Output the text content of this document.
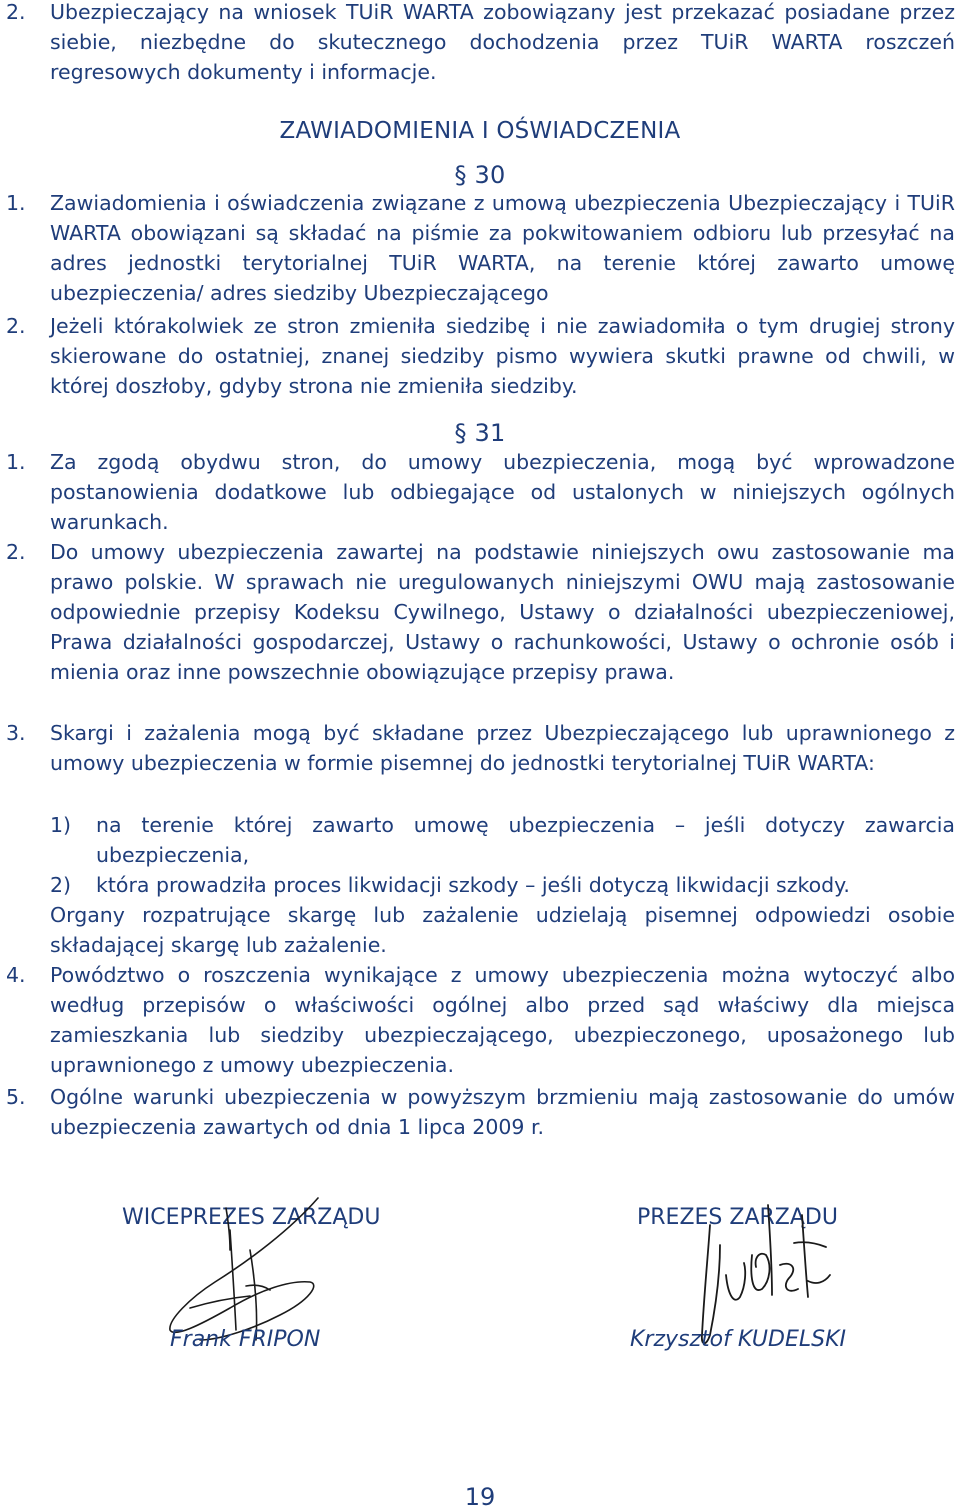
2. Ubezpieczający na wniosek TUiR WARTA zobowiązany jest przekazać posiadane przez siebie, niezbędne do skutecznego dochodzenia przez TUiR WARTA roszczeń regresowych dokumenty i informacje.
ZAWIADOMIENIA I OŚWIADCZENIA
§ 30
1. Zawiadomienia i oświadczenia związane z umową ubezpieczenia Ubezpieczający i TUiR WARTA obowiązani są składać na piśmie za pokwitowaniem odbioru lub przesyłać na adres jednostki terytorialnej TUiR WARTA, na terenie której zawarto umowę ubezpieczenia/ adres siedziby Ubezpieczającego
2. Jeżeli którakolwiek ze stron zmieniła siedzibę i nie zawiadomiła o tym drugiej strony skierowane do ostatniej, znanej siedziby pismo wywiera skutki prawne od chwili, w której doszłoby, gdyby strona nie zmieniła siedziby.
§ 31
1. Za zgodą obydwu stron, do umowy ubezpieczenia, mogą być wprowadzone postanowienia dodatkowe lub odbiegające od ustalonych w niniejszych ogólnych warunkach.
2. Do umowy ubezpieczenia zawartej na podstawie niniejszych owu zastosowanie ma prawo polskie. W sprawach nie uregulowanych niniejszymi OWU mają zastosowanie odpowiednie przepisy Kodeksu Cywilnego, Ustawy o działalności ubezpieczeniowej, Prawa działalności gospodarczej, Ustawy o rachunkowości, Ustawy o ochronie osób i mienia oraz inne powszechnie obowiązujące przepisy prawa.
3. Skargi i zażalenia mogą być składane przez Ubezpieczającego lub uprawnionego z umowy ubezpieczenia w formie pisemnej do jednostki terytorialnej TUiR WARTA:
1) na terenie której zawarto umowę ubezpieczenia – jeśli dotyczy zawarcia ubezpieczenia,
2) która prowadziła proces likwidacji szkody – jeśli dotyczą likwidacji szkody.
Organy rozpatrujące skargę lub zażalenie udzielają pisemnej odpowiedzi osobie składającej skargę lub zażalenie.
4. Powództwo o roszczenia wynikające z umowy ubezpieczenia można wytoczyć albo według przepisów o właściwości ogólnej albo przed sąd właściwy dla miejsca zamieszkania lub siedziby ubezpieczającego, ubezpieczonego, uposażonego lub uprawnionego z umowy ubezpieczenia.
5. Ogólne warunki ubezpieczenia w powyższym brzmieniu mają zastosowanie do umów ubezpieczenia zawartych od dnia 1 lipca 2009 r.
WICEPREZES ZARZĄDU	PREZES ZARZĄDU
Frank FRIPON	Krzysztof KUDELSKI
19
